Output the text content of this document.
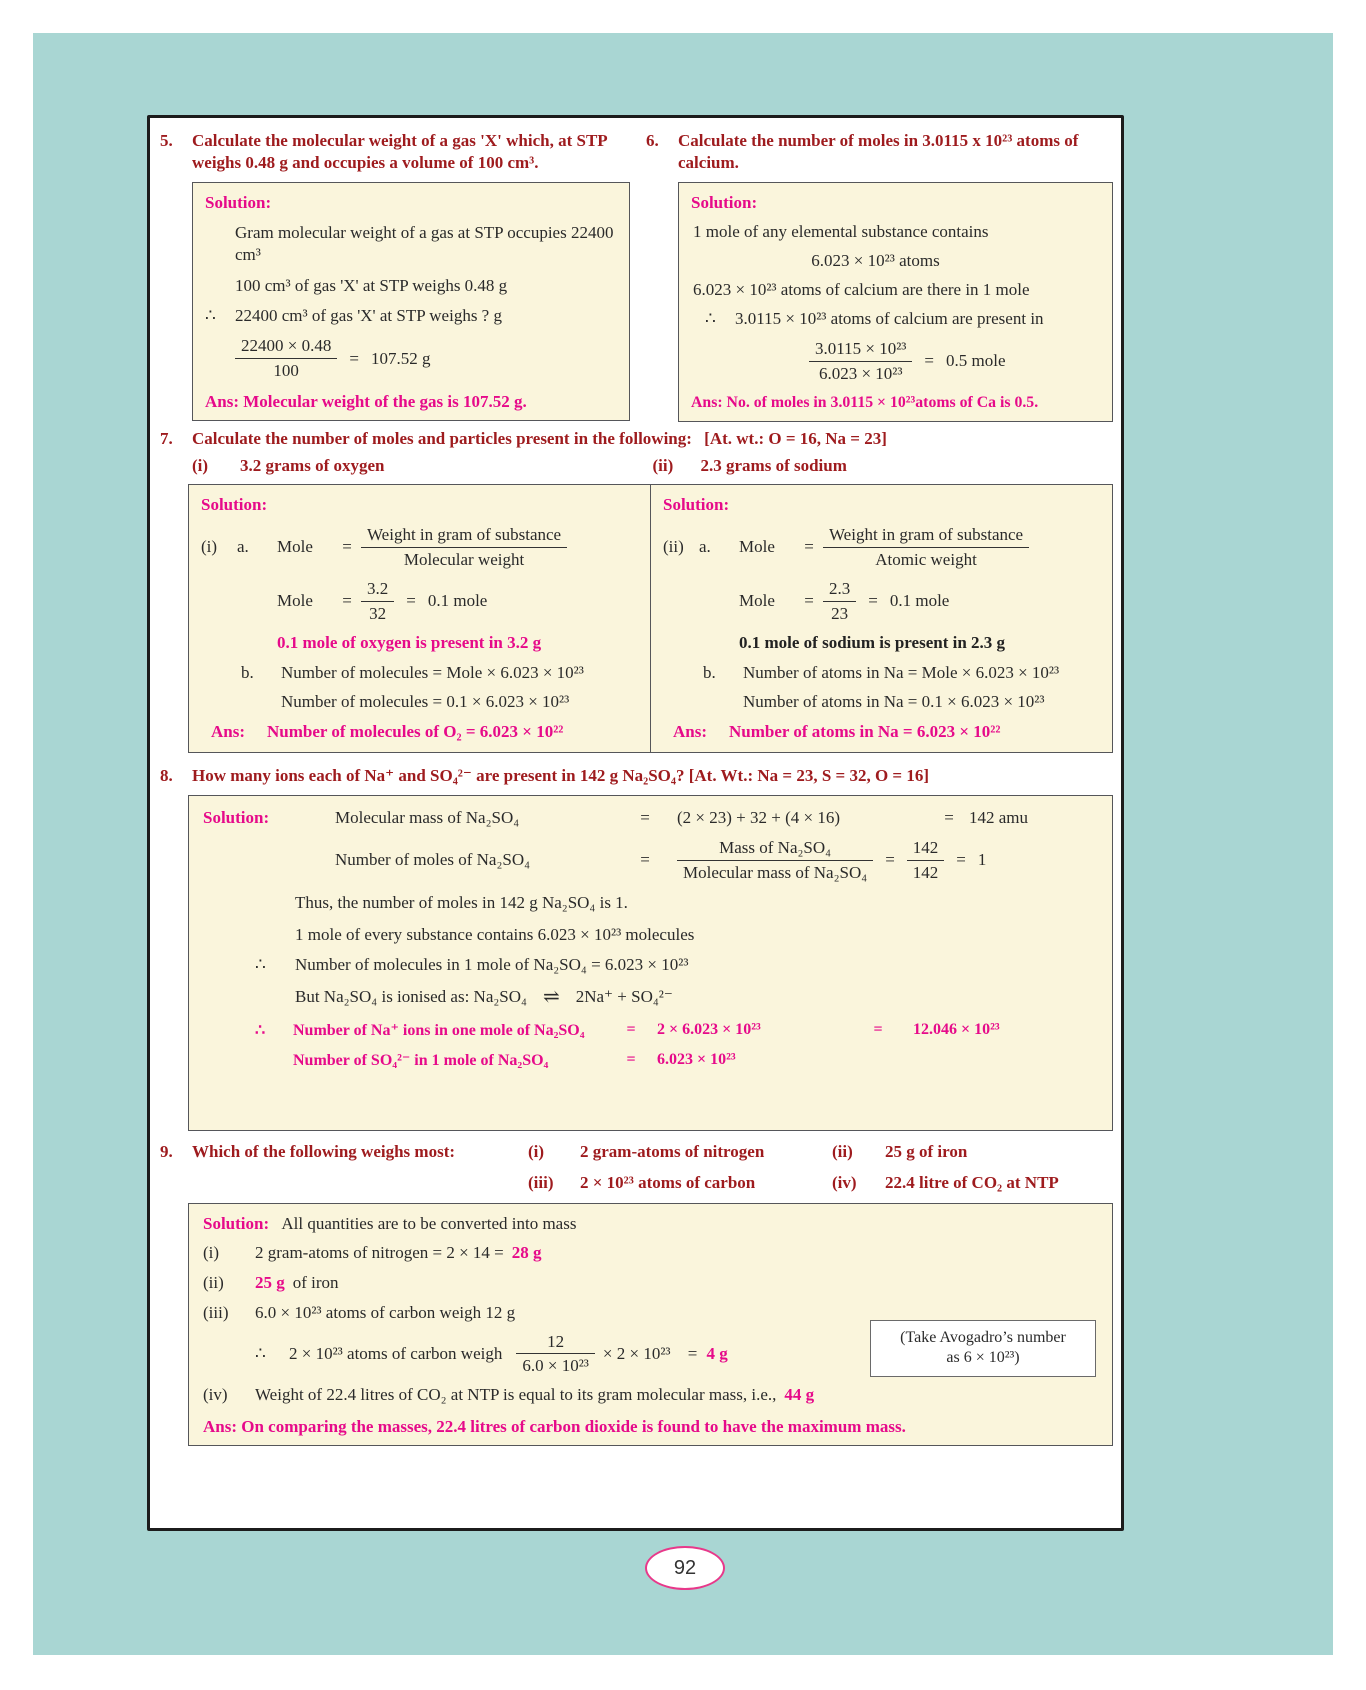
5.	Calculate the molecular weight of a gas 'X' which, at STP weighs 0.48 g and occupies a volume of 100 cm³.
Solution:

Gram molecular weight of a gas at STP occupies 22400 cm³

100 cm³ of gas 'X' at STP weighs 0.48 g

∴	22400 cm³ of gas 'X' at STP weighs ? g
$\frac{22400 \times 0.48}{100} = 107.52$ g
Ans: Molecular weight of the gas is 107.52 g.
6.	Calculate the number of moles in 3.0115 x 10²³ atoms of calcium.
Solution:

1 mole of any elemental substance contains

6.023 × 10²³ atoms

6.023 × 10²³ atoms of calcium are there in 1 mole

∴	3.0115 × 10²³ atoms of calcium are present in
$\frac{\text{3.0115 × 10²³}}{\text{6.023 × 10²³}} = 0.5$ mole
Ans: No. of moles in 3.0115 × 10²³atoms of Ca is 0.5.
7.	Calculate the number of moles and particles present in the following: [At. wt.: O = 16, Na = 23]
(i)	3.2 grams of oxygen	(ii)	2.3 grams of sodium
Solution:
(i)	a.	Mole	= $\frac{\text{Weight in gram of substance}}{\text{Molecular weight}}$
Mole	= $\frac{3.2}{32} = 0.1$ mole
0.1 mole of oxygen is present in 3.2 g
b.	Number of molecules = Mole × 6.023 × 10²³
Number of molecules = 0.1 × 6.023 × 10²³
Ans:	Number of molecules of O₂ = 6.023 × 10²²
Solution:
(ii) a.	Mole	= $\frac{\text{Weight in gram of substance}}{\text{Atomic weight}}$
Mole	= $\frac{2.3}{23} = 0.1$ mole
0.1 mole of sodium is present in 2.3 g
b.	Number of atoms in Na = Mole × 6.023 × 10²³
Number of atoms in Na = 0.1 × 6.023 × 10²³
Ans:	Number of atoms in Na = 6.023 × 10²²
8.	How many ions each of Na⁺ and SO₄²⁻ are present in 142 g Na₂SO₄? [At. Wt.: Na = 23, S = 32, O = 16]
Solution:	Molecular mass of Na₂SO₄	=	(2 × 23) + 32 + (4 × 16)	= 142 amu
Number of moles of Na₂SO₄	=	$\frac{\text{Mass of Na₂SO₄}}{\text{Molecular mass of Na₂SO₄}} = \frac{142}{142} = 1$

Thus, the number of moles in 142 g Na₂SO₄ is 1.

1 mole of every substance contains 6.023 × 10²³ molecules

∴	Number of molecules in 1 mole of Na₂SO₄ = 6.023 × 10²³
But Na₂SO₄ is ionised as: Na₂SO₄ ⇌ 2Na⁺ + SO₄²⁻
∴	Number of Na⁺ ions in one mole of Na₂SO₄	=	2 × 6.023 × 10²³	=	12.046 × 10²³
Number of SO₄²⁻ in 1 mole of Na₂SO₄	=	6.023 × 10²³
9.	Which of the following weighs most:	(i)	2 gram-atoms of nitrogen	(ii)	25 g of iron
(iii)	2 × 10²³ atoms of carbon	(iv)	22.4 litre of CO₂ at NTP
Solution: All quantities are to be converted into mass
(i)	2 gram-atoms of nitrogen = 2 × 14 = 28 g
(ii)	25 g of iron
(iii)	6.0 × 10²³ atoms of carbon weigh 12 g
∴	2 × 10²³ atoms of carbon weigh $\frac{12}{\text{6.0 × 10²³}} \times 2 \times 10^{23}$	= 4 g
(Take Avogadro’s number
as 6 × 10²³)
(iv)	Weight of 22.4 litres of CO₂ at NTP is equal to its gram molecular mass, i.e., 44 g
Ans: On comparing the masses, 22.4 litres of carbon dioxide is found to have the maximum mass.
92
